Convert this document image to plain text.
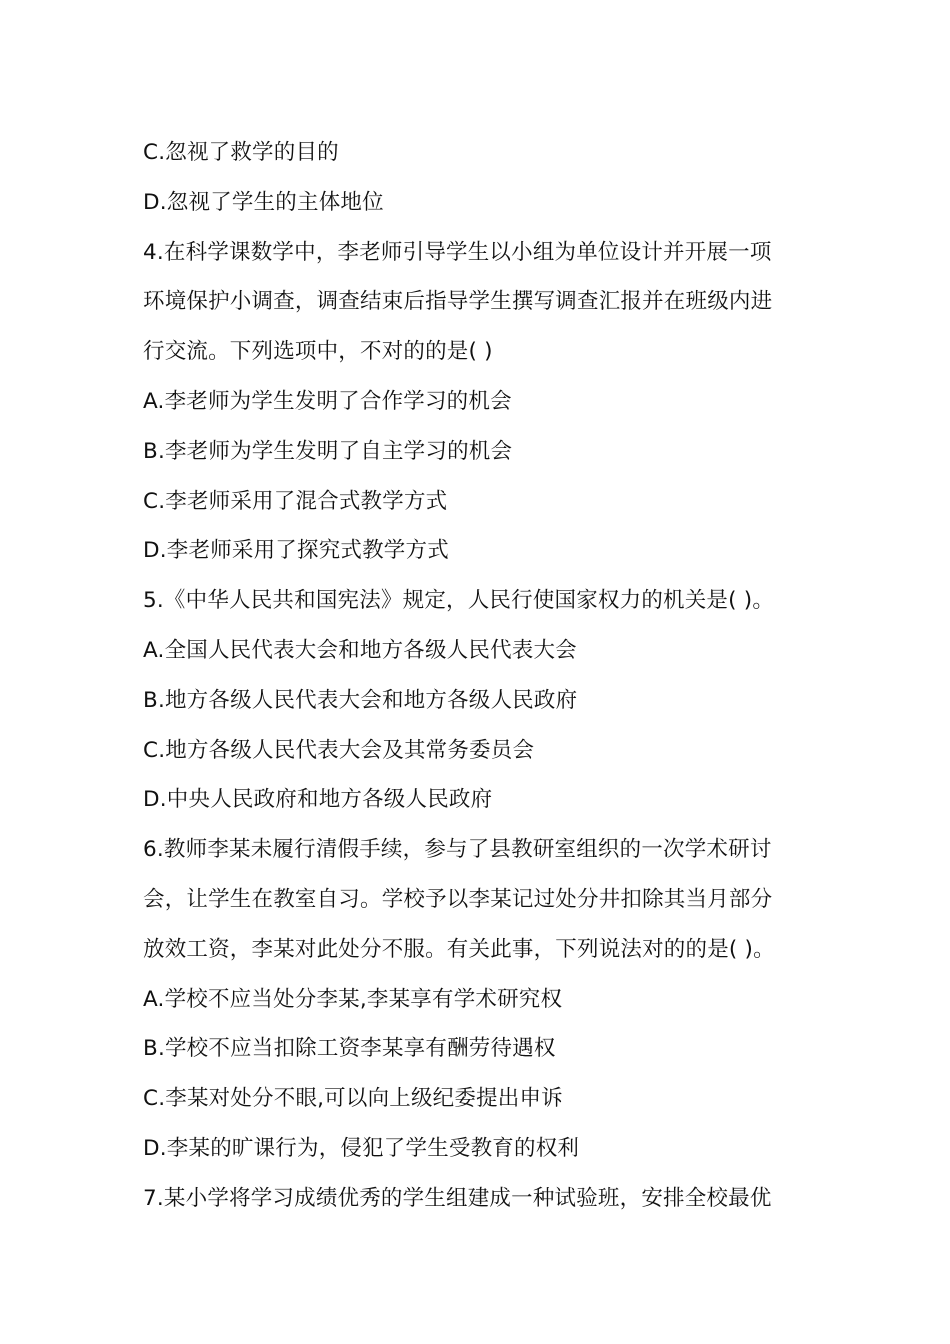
C.忽视了救学的目的
D.忽视了学生的主体地位
4.在科学课数学中，李老师引导学生以小组为单位设计并开展一项
环境保护小调查，调查结束后指导学生撰写调查汇报并在班级内进
行交流。下列选项中，不对的的是( )
A.李老师为学生发明了合作学习的机会
B.李老师为学生发明了自主学习的机会
C.李老师采用了混合式教学方式
D.李老师采用了探究式教学方式
5.《中华人民共和国宪法》规定，人民行使国家权力的机关是( )。
A.全国人民代表大会和地方各级人民代表大会
B.地方各级人民代表大会和地方各级人民政府
C.地方各级人民代表大会及其常务委员会
D.中央人民政府和地方各级人民政府
6.教师李某未履行清假手续，参与了县教研室组织的一次学术研讨
会，让学生在教室自习。学校予以李某记过处分井扣除其当月部分
放效工资，李某对此处分不服。有关此事，下列说法对的的是( )。
A.学校不应当处分李某,李某享有学术研究权
B.学校不应当扣除工资李某享有酬劳待遇权
C.李某对处分不眼,可以向上级纪委提出申诉
D.李某的旷课行为，侵犯了学生受教育的权利
7.某小学将学习成绩优秀的学生组建成一种试验班，安排全校最优
